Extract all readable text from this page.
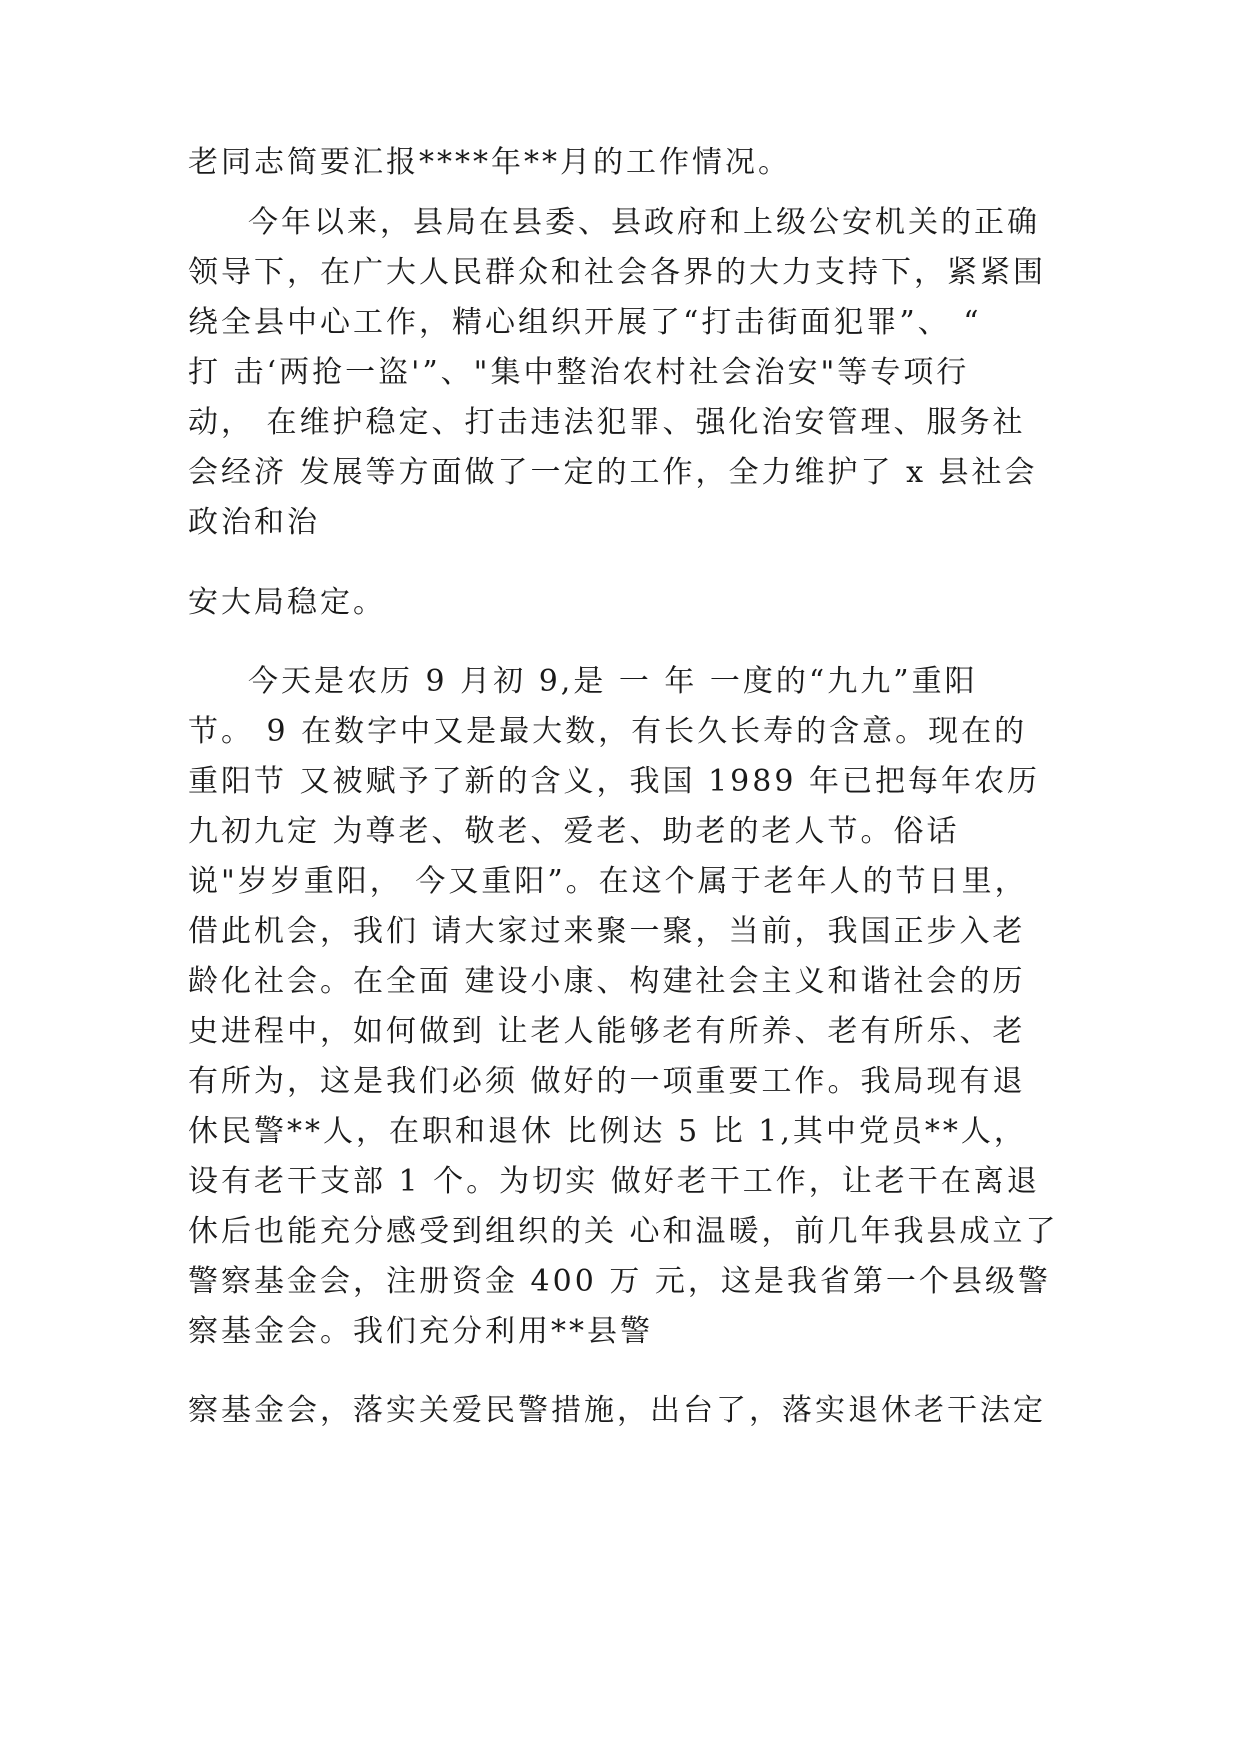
老同志简要汇报****年**月的工作情况。
今年以来，县局在县委、县政府和上级公安机关的正确
领导下，在广大人民群众和社会各界的大力支持下，紧紧围
绕全县中心工作，精心组织开展了“打击街面犯罪”、 “
打 击‘两抢一盗'”、"集中整治农村社会治安"等专项行
动， 在维护稳定、打击违法犯罪、强化治安管理、服务社
会经济 发展等方面做了一定的工作，全力维护了 x 县社会
政治和治
安大局稳定。
今天是农历 9 月初 9,是 一 年 一度的“九九”重阳
节。 9 在数字中又是最大数，有长久长寿的含意。现在的
重阳节 又被赋予了新的含义，我国 1989 年已把每年农历
九初九定 为尊老、敬老、爱老、助老的老人节。俗话
说"岁岁重阳， 今又重阳”。在这个属于老年人的节日里，
借此机会，我们 请大家过来聚一聚，当前，我国正步入老
龄化社会。在全面 建设小康、构建社会主义和谐社会的历
史进程中，如何做到 让老人能够老有所养、老有所乐、老
有所为，这是我们必须 做好的一项重要工作。我局现有退
休民警**人，在职和退休 比例达 5 比 1,其中党员**人，
设有老干支部 1 个。为切实 做好老干工作，让老干在离退
休后也能充分感受到组织的关 心和温暖，前几年我县成立了
警察基金会，注册资金 400 万 元，这是我省第一个县级警
察基金会。我们充分利用**县警
察基金会，落实关爱民警措施，出台了，落实退休老干法定
